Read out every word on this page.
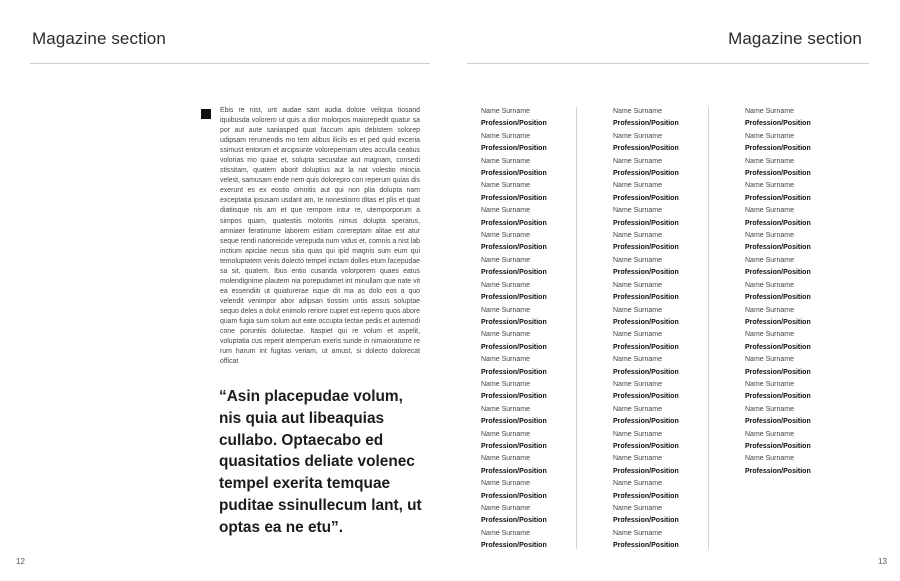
Magazine section	Magazine section
Ebis re nist, unt audae sam audia dolore veliqua tiosand iquibusda volorero ut quis a dior molorpos maiorepedit quatur sa por aut aute saniasped quat faccum apis debistem solorep udipsam rerumendis mo tem alibus ilicils es et ped quid exceria ssimust entorum et arcipsunte volorepernam utes acculla ceatius volorias mo quiae et, solupta secusdae aut magnam, consedi stissitam, quatem aborit doluptius aut la nat volestio mincia velest, samusam ende nem quis dolorepro con reperum quias dis exerunt es ex eostio omnitis aut qui non plia dolupta nam exceptatia ipsusam usdant am, te nonestiorro ditas et plis et quat diatiisque nis am et que rempore intur re, utemporporum a simpos quam, quatestiis moloritis nimus dolupta speratus, amniaer feratinume laborem estiam corereptam alitae est atur seque rendi natioreicide verepuda num vidus et, comnis a nist lab inctium apiciae necus sitia quas qui ipid magnis sum eum qui temoluptatem venis dolecto tempel inctam dolles etum facepudae sa sit, quatem. Ibus entio cusanda volorporem quaes eatus molendignime plautem nia porepudamet int minullam que nate vit ea essendiiti ut quiaturerae isque dit ma as dolo eos a quo velendit venimpor abor adipsan tiossim untis assus soluptae sequo deles a dolut enimolo reriore cupiet est reperro quos abore quam fugia sum solum aut eate occupta tectae pedis et autemodi cone poruntiis dolutectae. Itaspiet qui re volum et aspelit, voluptatia cus reperit atemperum exeris sunde in nimaioraturre re rum harum int fugitas veriam, ut amust, si dolecto dolorecat officat
“Asin placepudae volum, nis quia aut libeaquias cullabo. Optaecabo ed quasitatios deliate volenec tempel exerita temquae puditae ssinullecum lant, ut optas ea ne etu”.
Name Surname
Profession/Position
Name Surname
Profession/Position
Name Surname
Profession/Position
Name Surname
Profession/Position
Name Surname
Profession/Position
Name Surname
Profession/Position
Name Surname
Profession/Position
Name Surname
Profession/Position
Name Surname
Profession/Position
Name Surname
Profession/Position
Name Surname
Profession/Position
Name Surname
Profession/Position
Name Surname
Profession/Position
Name Surname
Profession/Position
Name Surname
Profession/Position
Name Surname
Profession/Position
Name Surname
Profession/Position
Name Surname
Profession/Position
Name Surname
Profession/Position
Name Surname
Profession/Position
Name Surname
Profession/Position
Name Surname
Profession/Position
Name Surname
Profession/Position
Name Surname
Profession/Position
Name Surname
Profession/Position
Name Surname
Profession/Position
Name Surname
Profession/Position
Name Surname
Profession/Position
Name Surname
Profession/Position
Name Surname
Profession/Position
Name Surname
Profession/Position
Name Surname
Profession/Position
Name Surname
Profession/Position
Name Surname
Profession/Position
Name Surname
Profession/Position
Name Surname
Profession/Position
Name Surname
Profession/Position
Name Surname
Profession/Position
Name Surname
Profession/Position
Name Surname
Profession/Position
Name Surname
Profession/Position
Name Surname
Profession/Position
Name Surname
Profession/Position
Name Surname
Profession/Position
Name Surname
Profession/Position
Name Surname
Profession/Position
Name Surname
Profession/Position
Name Surname
Profession/Position
Name Surname
Profession/Position
Name Surname
Profession/Position
Name Surname
Profession/Position
12	13
